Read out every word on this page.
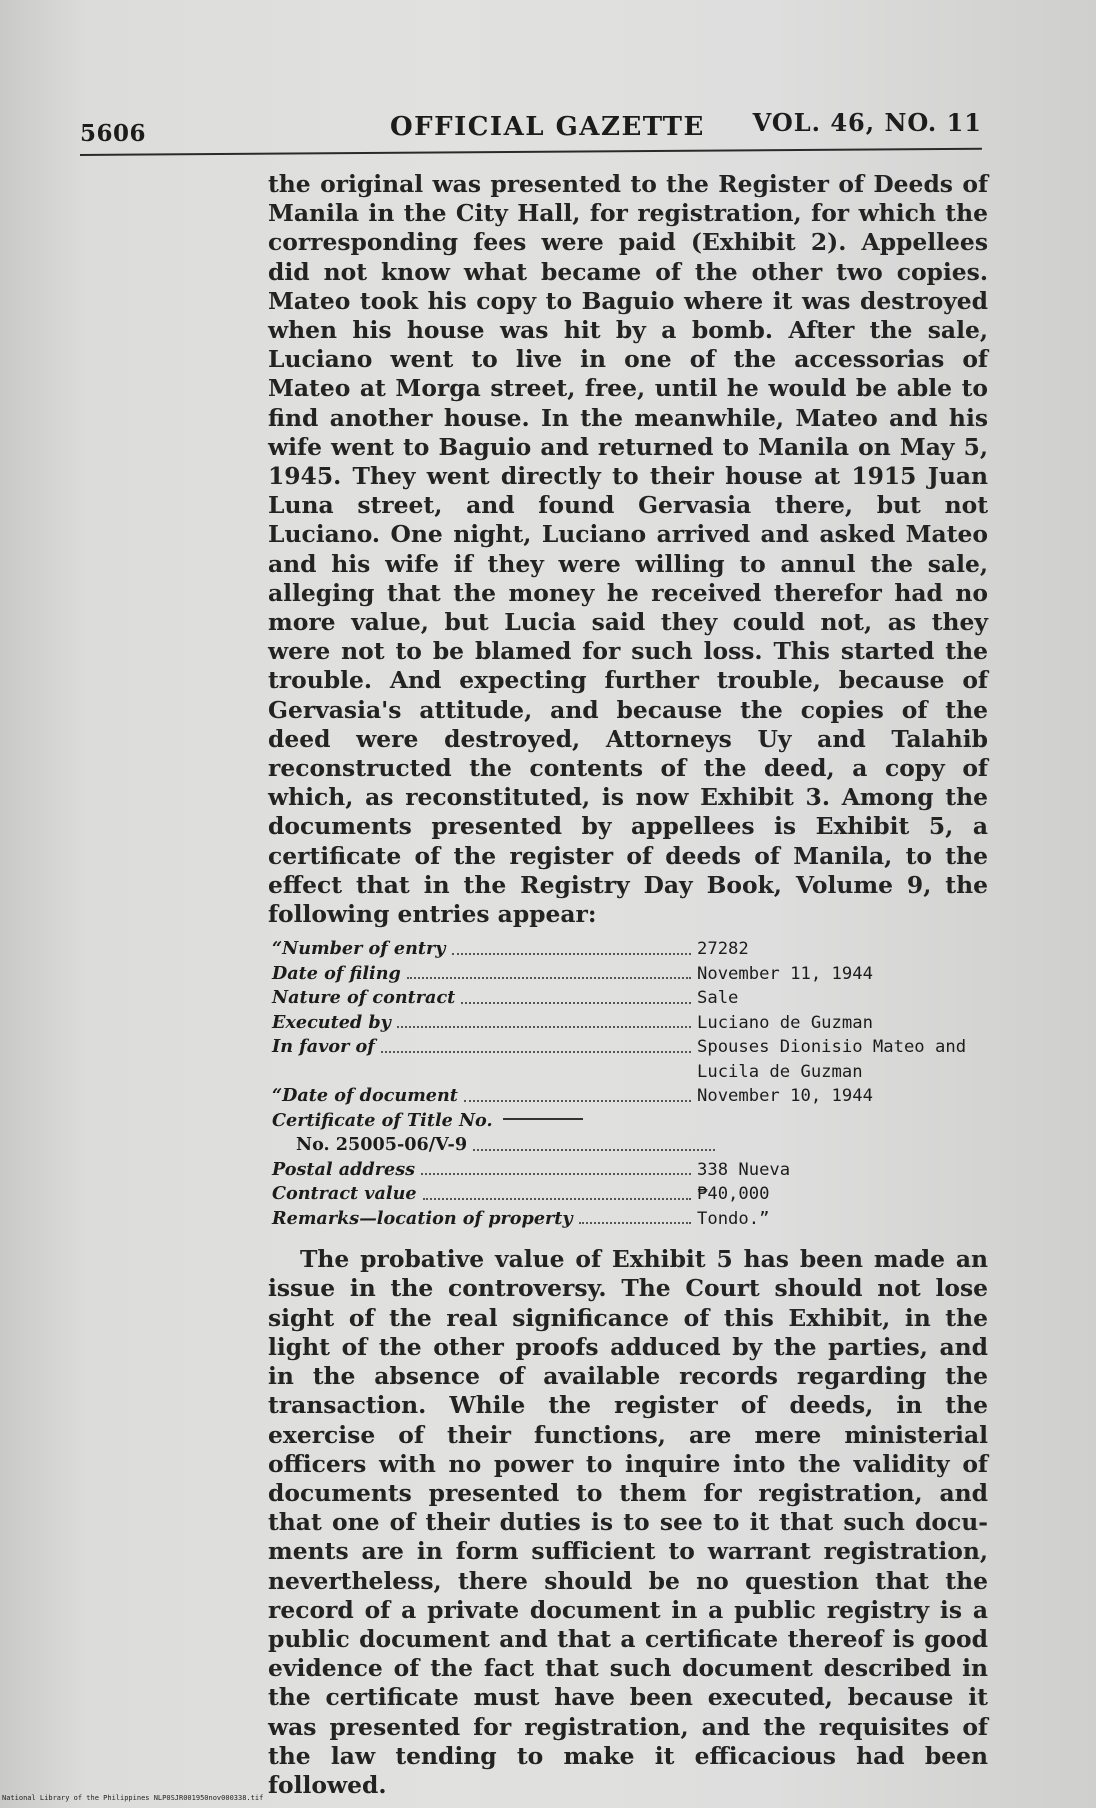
5606	OFFICIAL GAZETTE VOL. 46, NO. 11

the original was presented to the Register of Deeds of Manila in the City Hall, for registration, for which the corresponding fees were paid (Exhibit 2). Appellees did not know what became of the other two copies. Mateo took his copy to Baguio where it was destroyed when his house was hit by a bomb. After the sale, Luciano went to live in one of the accessorias of Mateo at Morga street, free, until he would be able to find another house. In the meanwhile, Mateo and his wife went to Baguio and returned to Manila on May 5, 1945. They went directly to their house at 1915 Juan Luna street, and found Gervasia there, but not Luciano. One night, Luciano arrived and asked Mateo and his wife if they were willing to annul the sale, alleging that the money he received therefor had no more value, but Lucia said they could not, as they were not to be blamed for such loss. This started the trouble. And expecting further trouble, because of Gervasia's attitude, and because the copies of the deed were destroyed, Attorneys Uy and Talahib reconstructed the contents of the deed, a copy of which, as reconstituted, is now Exhibit 3. Among the documents presented by appellees is Exhibit 5, a certificate of the register of deeds of Manila, to the effect that in the Registry Day Book, Volume 9, the following entries appear:

“Number of entry	27282
Date of filing	November 11, 1944
Nature of contract	Sale
Executed by	Luciano de Guzman
In favor of	Spouses Dionisio Mateo and
Lucila de Guzman
“Date of document	November 10, 1944
Certificate of Title No.
No. 25005-06/V-9
Postal address	338 Nueva
Contract value	₱40,000
Remarks—location of property	Tondo.”

The probative value of Exhibit 5 has been made an issue in the controversy. The Court should not lose sight of the real significance of this Exhibit, in the light of the other proofs adduced by the parties, and in the absence of available records regarding the transaction. While the register of deeds, in the exercise of their functions, are mere ministerial officers with no power to inquire into the validity of documents presented to them for registration, and that one of their duties is to see to it that such documents are in form sufficient to warrant registration, nevertheless, there should be no question that the record of a private document in a public registry is a public document and that a certificate thereof is good evidence of the fact that such document described in the certificate must have been executed, because it was presented for registration, and the requisites of the law tending to make it efficacious had been followed.

National Library of the Philippines NLP0SJR001950nov000338.tif
